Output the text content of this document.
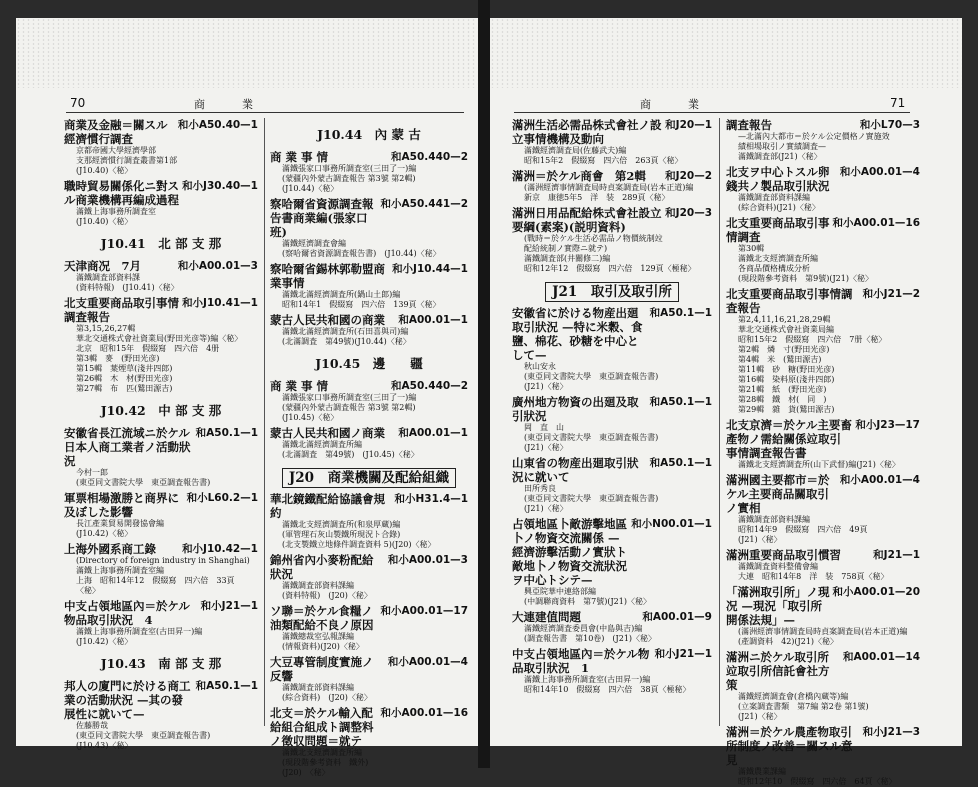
70	商　　　業
商業及金融＝關スル經濟慣行調査
和小A50.40—1
京都帝國大學經濟學部
支那經濟慣行調査叢書第1部
(J10.40)〈秘〉
職時貿易關係化ニ對スル商業機構再編成過程
和小J30.40—1
滿鐵上海事務所調査室
(J10.40)〈秘〉
J10.41　北 部 支 那
天津商况　7月	和小A00.01—3
滿鐵調査部資料課
(資料特報)　(J10.41)〈秘〉
北支重要商品取引事情調査報告
和小J10.41—1
第3,15,26,27輯
華北交通株式會社資業局(野田光彦等)編〈秘〉
北京　昭和15年　假綴寫　四六倍　4册
第3輯　麥　(野田光彦)
第15輯　葉煙草(淺井四郎)
第26輯　木　材(野田光彦)
第27輯　布　匹(鷲田源吉)
J10.42　中 部 支 那
安徽省長江流域ニ於ケル日本人商工業者ノ活動狀況
和A50.1—1
今村一郎
(東亞同文書院大學　東亞調査報告書)
軍票相場激勝と商界に及ぼした影響
和小L60.2—1
長江產業貿易開發協會編
(J10.42)〈秘〉
上海外國系商工錄	和小J10.42—1
(Directory of foreign industry in Shanghai)
滿鐵上海事務所調査室編
上海　昭和14年12　假綴寫　四六倍　33頁
〈秘〉
中支占領地區內＝於ケル物品取引狀況　4
和小J21—1
滿鐵上海事務所調査室(古田昇一)編
(J10.42)〈秘〉
J10.43　南 部 支 那
邦人の廈門に於ける商工業の活動狀況 —其の發展性に就いて—
和A50.1—1
佐藤勝哉
(東亞同文書院大學　東亞調査報告書)
(J10.43)〈秘〉
J10.44　內 蒙 古
商 業 事 情	和A50.440—2
滿鐵張家口事務所調査室(三田了一)編
(蒙疆內外蒙古調査報告 第3號 第2輯)
(J10.44)〈秘〉
察哈爾省資源調査報告書商業編(張家口班)
和小A50.441—2
滿鐵經濟調査會編
(察哈爾省資源調査報告書)　(J10.44)〈秘〉
察哈爾省錫林郭勒盟商業事情
和小J10.44—1
滿鐵北滿經濟調査所(鍋山土郎)編
昭和14年1　假綴寫　四六倍　139頁〈秘〉
蒙古人民共和國の商業	和A00.01—1
滿鐵北滿經濟調査所(石田喜與司)編
(北滿調査　第49號)(J10.44)〈秘〉
J10.45　邊　　疆
商 業 事 情	和A50.440—2
滿鐵張家口事務所調査室(三田了一)編
(蒙疆內外蒙古調査報告 第3號 第2輯)
(J10.45)〈秘〉
蒙古人民共和國ノ商業	和A00.01—1
滿鐵北滿經濟調査所編
(北滿調査　第49號)　(J10.45)〈秘〉
J20　商業機關及配給組織
華北鏡鐵配給協議會規約
和小H31.4—1
滿鐵北支經濟調査所(和泉厚蔵)編
(軍管理石灰山製鐵所現況ト合錄)
(北支製鐵立地條件調査資料 5)(J20)〈秘〉
錦州省內小麥粉配給狀況
和小A00.01—3
滿鐵調査部資料課編
(資料特報)　(J20)〈秘〉
ソ聯＝於ケル食糧ノ油類配給不良ノ原因
和小A00.01—17
滿鐵總裁室弘報課編
(情報資料)(J20)〈秘〉
大豆專管制度實施ノ反響
和小A00.01—4
滿鐵調査部資料課編
(綜合資料)　(J20)〈秘〉
北支＝於ケル輸入配給組合組成ト調整料ノ徵収問題＝就テ
和小A00.01—16
滿鐵北支經濟調査所編
(現段階參考資料　鐵外)
(J20)　〈秘〉
商　　　業	71
滿洲生活必需品株式會社ノ設立事情機構及動向
和J20—1
滿鐵經濟調査局(佐藤武夫)編
昭和15年2　假綴寫　四六倍　263頁〈秘〉
滿洲＝於ケル商會　第2輯	和J20—2
(滿洲經濟事情調査局時貞案調査局(岩本正道)編
新京　康徳5年5　洋　装　289頁〈秘〉
滿洲日用品配給株式會社設立要綱(素案)(説明資料)
和J20—3
(戰時＝於ケル生活必需品ノ物價統制竝
配給統制ノ實際ニ就テ)
滿鐵調査部(井關修二)編
昭和12年12　假綴寫　四六倍　129頁〈極秘〉
J21　取引及取引所
安徽省に於ける物産出廻取引狀況 —特に米穀、食鹽、棉花、砂糖を中心として—
和A50.1—1
秋山安永
(東亞同文書院大學　東亞調査報告書)
(J21)〈秘〉
廣州地方物資の出廻及取引狀況
和A50.1—1
岡　直　山
(東亞同文書院大學　東亞調査報告書)
(J21)〈秘〉
山東省の物産出廻取引狀況に就いて
和A50.1—1
田所秀良
(東亞同文書院大學　東亞調査報告書)
(J21)〈秘〉
占領地區卜敵游擊地區卜ノ物資交流關係 —經濟游擊活動ノ實狀ト敵地卜ノ物資交流狀況ヲ中心トシテ—
和小N00.01—1
興亞院華中連絡部編
(中調聯商資料　第7號)(J21)〈秘〉
大連建值問題	和A00.01—9
滿鐵經濟調査委員會(中島與吉)編
(調査報告書　第10卷)　(J21)〈秘〉
中支占領地區內＝於ケル物品取引狀況　1
和小J21—1
滿鐵上海事務所調査室(古田昇一)編
昭和14年10　假綴寫　四六倍　38頁〈極秘〉
調査報告	和小L70—3
—北滿內大都市＝於ケル公定價格ノ實施效
績相場取引ノ實績調査—
滿鐵調査部(J21)〈秘〉
北支ヲ中心トスル卵錢共ノ製品取引狀況
和小A00.01—4
滿鐵調査部資料課編
(綜合資料)(J21)〈秘〉
北支重要商品取引事情調査
和小A00.01—16
第30輯
滿鐵北支經濟調査所編
各商品價格構成分析
(現段階參考資料　第9號)(J21)〈秘〉
北支重要商品取引事情調査報告
和小J21—2
第2,4,11,16,21,28,29輯
華北交通株式會社資業局編
昭和15年2　假綴寫　四六倍　7册〈秘〉
第2輯　燐　寸(野田光彦)
第4輯　米　(鷲田源吉)
第11輯　砂　糖(野田光彦)
第16輯　染料原(淺井四郎)
第21輯　紙　(野田光彦)
第28輯　鐵　材(　同　)
第29輯　雜　貨(鷲田源吉)
北支京濟＝於ケル主要畜產物ノ需給關係竝取引事情調査報告書
和小J23—17
滿鐵北支經濟調査所(山下武督)編(J21)〈秘〉
滿洲國主要都市＝於ケル主要商品關取引ノ實相
和小A00.01—4
滿鐵調査部資料課編
昭和14年9　假綴寫　四六倍　49頁
(J21)〈秘〉
滿洲重要商品取引慣習	和J21—1
滿鐵調査資料整備會編
大連　昭和14年8　洋　装　758頁〈秘〉
「滿洲取引所」ノ現况 —現況「取引所開係法規」—
和小A00.01—20
(滿洲經濟事情調査局時貞案調査局(岩本正道)編
(產調資料　42)(J21)〈秘〉
滿洲ニ於ケル取引所竝取引所信託會社方策
和A00.01—14
滿鐵經濟調査會(倉橋內蔵等)編
(立案調査書類　第7編 第2卷 第1號)
(J21)〈秘〉
滿洲＝於ケル農產物取引所制度ノ改善＝關スル意見
和小J21—3
滿鐵農業課編
昭和12年10　假綴寫　四六倍　64頁〈秘〉
